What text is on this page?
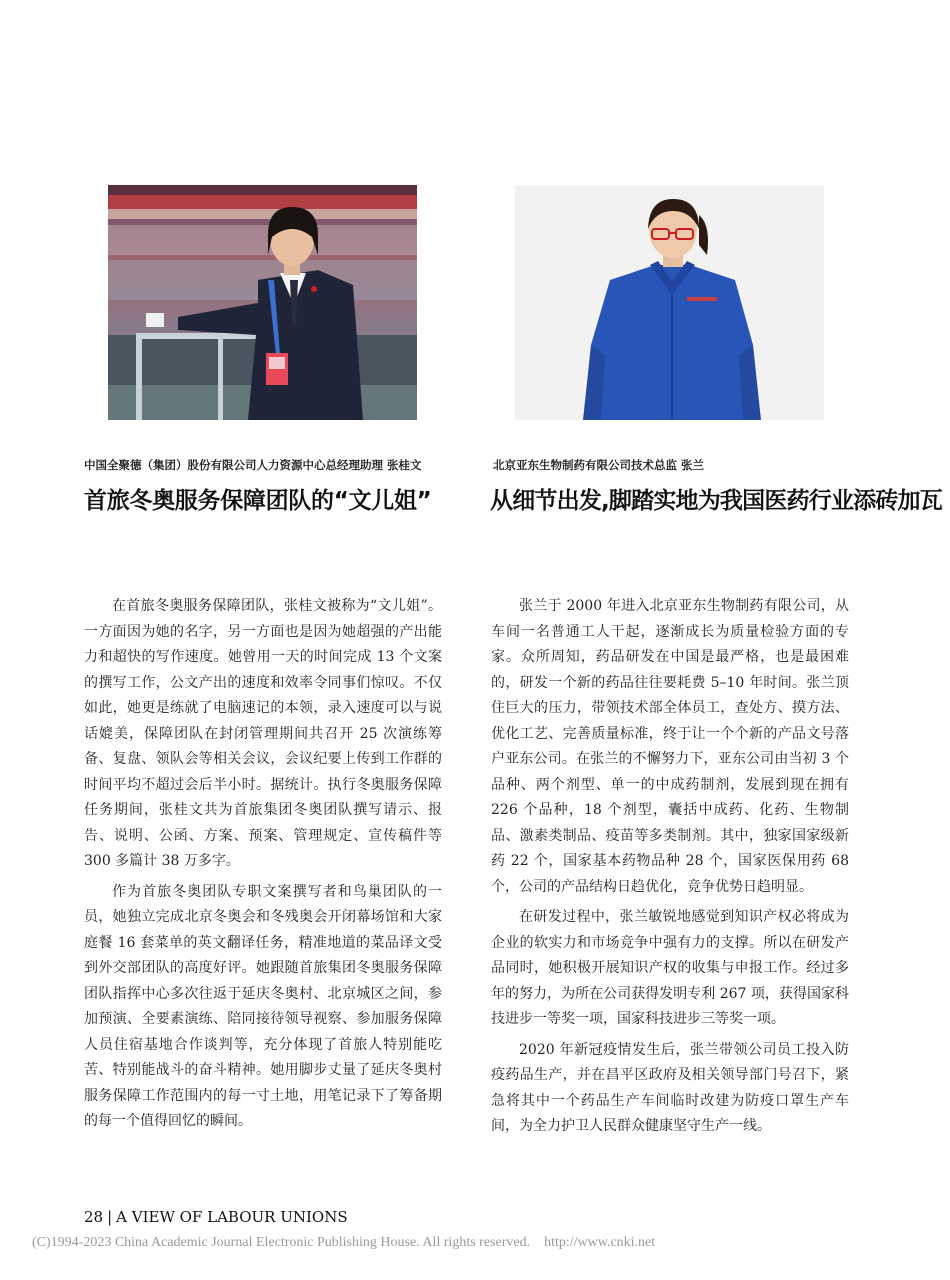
中国全聚德（集团）股份有限公司人力资源中心总经理助理 张桂文	北京亚东生物制药有限公司技术总监 张兰
首旅冬奥服务保障团队的“文儿姐”	从细节出发,脚踏实地为我国医药行业添砖加瓦

在首旅冬奥服务保障团队，张桂文被称为“文儿姐”。一方面因为她的名字，另一方面也是因为她超强的产出能力和超快的写作速度。她曾用一天的时间完成 13 个文案的撰写工作，公文产出的速度和效率令同事们惊叹。不仅如此，她更是练就了电脑速记的本领，录入速度可以与说话媲美，保障团队在封闭管理期间共召开 25 次演练筹备、复盘、领队会等相关会议，会议纪要上传到工作群的时间平均不超过会后半小时。据统计。执行冬奥服务保障任务期间，张桂文共为首旅集团冬奥团队撰写请示、报告、说明、公函、方案、预案、管理规定、宣传稿件等 300 多篇计 38 万多字。

作为首旅冬奥团队专职文案撰写者和鸟巢团队的一员，她独立完成北京冬奥会和冬残奥会开闭幕场馆和大家庭餐 16 套菜单的英文翻译任务，精准地道的菜品译文受到外交部团队的高度好评。她跟随首旅集团冬奥服务保障团队指挥中心多次往返于延庆冬奥村、北京城区之间，参加预演、全要素演练、陪同接待领导视察、参加服务保障人员住宿基地合作谈判等，充分体现了首旅人特别能吃苦、特别能战斗的奋斗精神。她用脚步丈量了延庆冬奥村服务保障工作范围内的每一寸土地，用笔记录下了筹备期的每一个值得回忆的瞬间。

张兰于 2000 年进入北京亚东生物制药有限公司，从车间一名普通工人干起，逐渐成长为质量检验方面的专家。众所周知，药品研发在中国是最严格，也是最困难的，研发一个新的药品往往要耗费 5–10 年时间。张兰顶住巨大的压力，带领技术部全体员工，查处方、摸方法、优化工艺、完善质量标准，终于让一个个新的产品文号落户亚东公司。在张兰的不懈努力下，亚东公司由当初 3 个品种、两个剂型、单一的中成药制剂，发展到现在拥有 226 个品种，18 个剂型，囊括中成药、化药、生物制品、激素类制品、疫苗等多类制剂。其中，独家国家级新药 22 个，国家基本药物品种 28 个，国家医保用药 68 个，公司的产品结构日趋优化，竞争优势日趋明显。

在研发过程中，张兰敏锐地感觉到知识产权必将成为企业的软实力和市场竞争中强有力的支撑。所以在研发产品同时，她积极开展知识产权的收集与申报工作。经过多年的努力，为所在公司获得发明专利 267 项，获得国家科技进步一等奖一项，国家科技进步三等奖一项。

2020 年新冠疫情发生后，张兰带领公司员工投入防疫药品生产，并在昌平区政府及相关领导部门号召下，紧急将其中一个药品生产车间临时改建为防疫口罩生产车间，为全力护卫人民群众健康坚守生产一线。

28 | A VIEW OF LABOUR UNIONS
(C)1994-2023 China Academic Journal Electronic Publishing House. All rights reserved.    http://www.cnki.net
